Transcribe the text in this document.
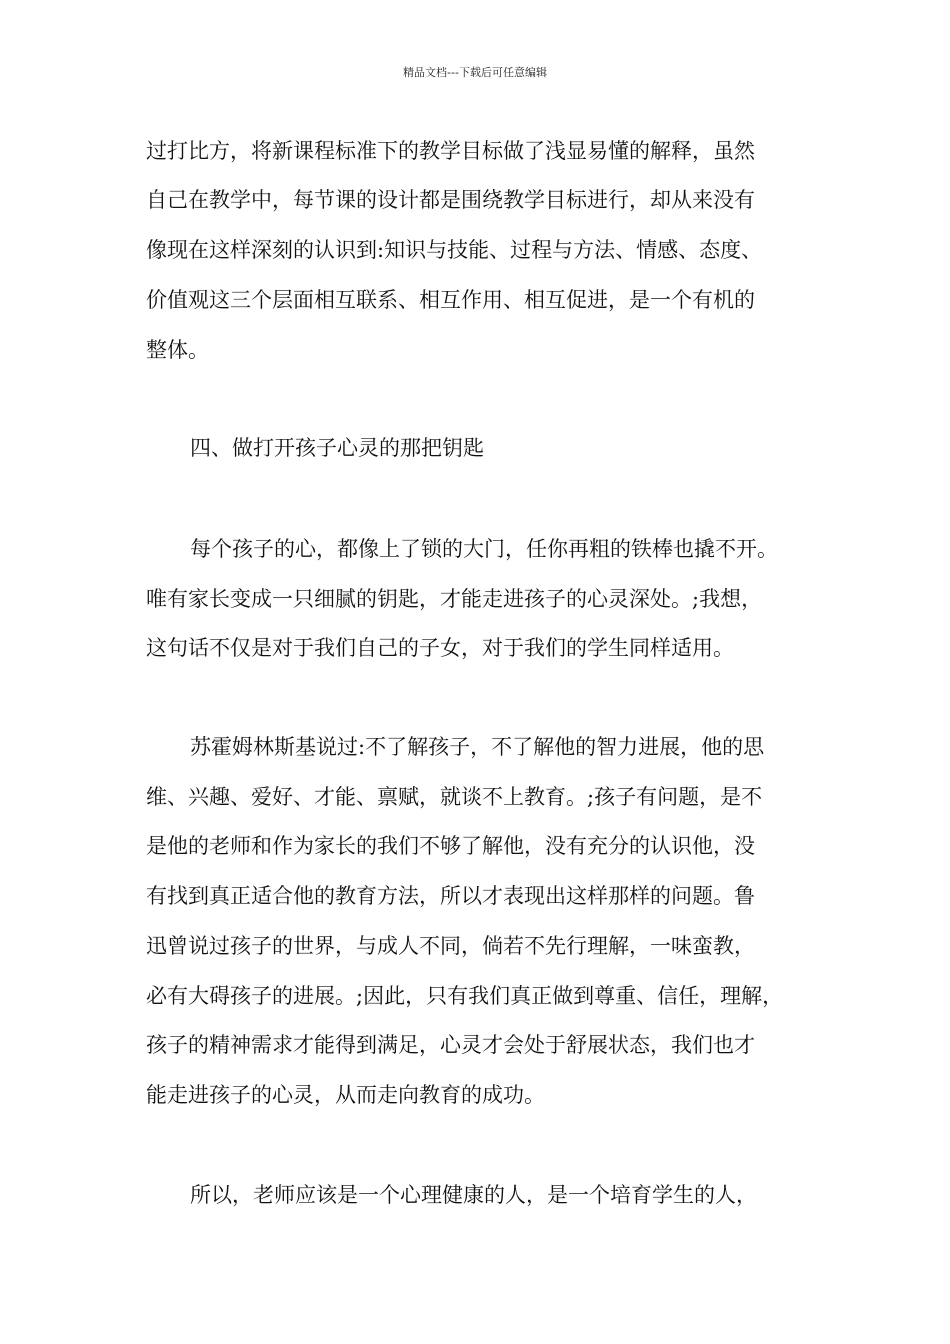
精品文档---下载后可任意编辑
过打比方，将新课程标准下的教学目标做了浅显易懂的解释，虽然
自己在教学中，每节课的设计都是围绕教学目标进行，却从来没有
像现在这样深刻的认识到:知识与技能、过程与方法、情感、态度、
价值观这三个层面相互联系、相互作用、相互促进，是一个有机的
整体。
四、做打开孩子心灵的那把钥匙
每个孩子的心，都像上了锁的大门，任你再粗的铁棒也撬不开。
唯有家长变成一只细腻的钥匙，才能走进孩子的心灵深处。;我想，
这句话不仅是对于我们自己的子女，对于我们的学生同样适用。
苏霍姆林斯基说过:不了解孩子，不了解他的智力进展，他的思
维、兴趣、爱好、才能、禀赋，就谈不上教育。;孩子有问题，是不
是他的老师和作为家长的我们不够了解他，没有充分的认识他，没
有找到真正适合他的教育方法，所以才表现出这样那样的问题。鲁
迅曾说过孩子的世界，与成人不同，倘若不先行理解，一味蛮教，
必有大碍孩子的进展。;因此，只有我们真正做到尊重、信任，理解，
孩子的精神需求才能得到满足，心灵才会处于舒展状态，我们也才
能走进孩子的心灵，从而走向教育的成功。
所以，老师应该是一个心理健康的人，是一个培育学生的人，
